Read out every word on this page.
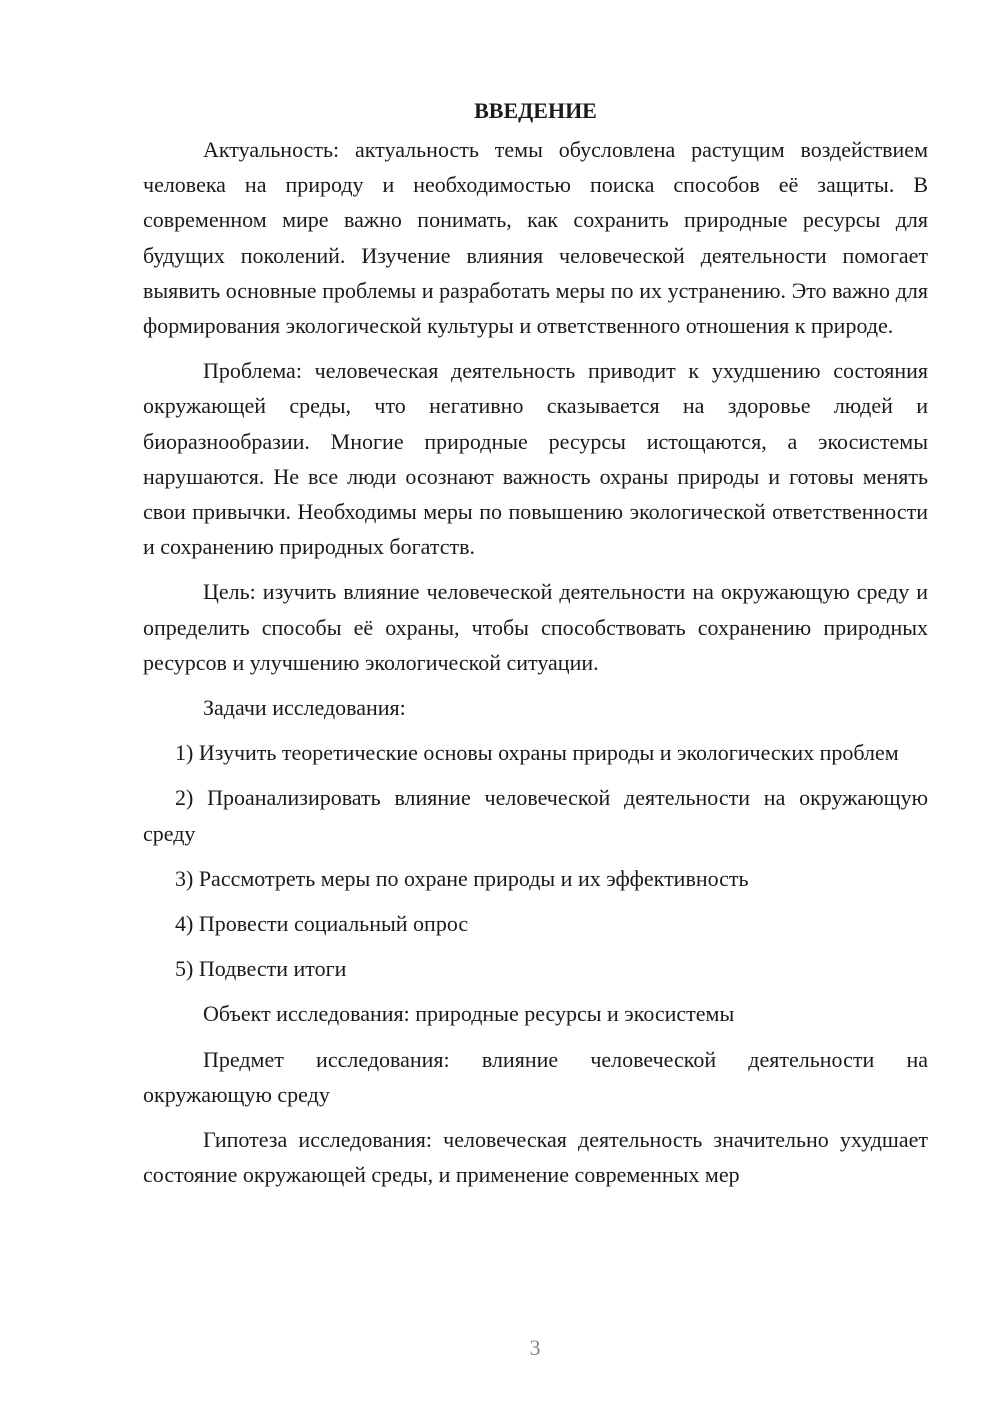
ВВЕДЕНИЕ

Актуальность: актуальность темы обусловлена растущим воздействием человека на природу и необходимостью поиска способов её защиты. В современном мире важно понимать, как сохранить природные ресурсы для будущих поколений. Изучение влияния человеческой деятельности помогает выявить основные проблемы и разработать меры по их устранению. Это важно для формирования экологической культуры и ответственного отношения к природе.

Проблема: человеческая деятельность приводит к ухудшению состояния окружающей среды, что негативно сказывается на здоровье людей и биоразнообразии. Многие природные ресурсы истощаются, а экосистемы нарушаются. Не все люди осознают важность охраны природы и готовы менять свои привычки. Необходимы меры по повышению экологической ответственности и сохранению природных богатств.

Цель: изучить влияние человеческой деятельности на окружающую среду и определить способы её охраны, чтобы способствовать сохранению природных ресурсов и улучшению экологической ситуации.

Задачи исследования:

1) Изучить теоретические основы охраны природы и экологических проблем

2) Проанализировать влияние человеческой деятельности на окружающую среду

3) Рассмотреть меры по охране природы и их эффективность

4) Провести социальный опрос

5) Подвести итоги

Объект исследования: природные ресурсы и экосистемы

Предмет исследования: влияние человеческой деятельности на окружающую среду

Гипотеза исследования: человеческая деятельность значительно ухудшает состояние окружающей среды, и применение современных мер

3
